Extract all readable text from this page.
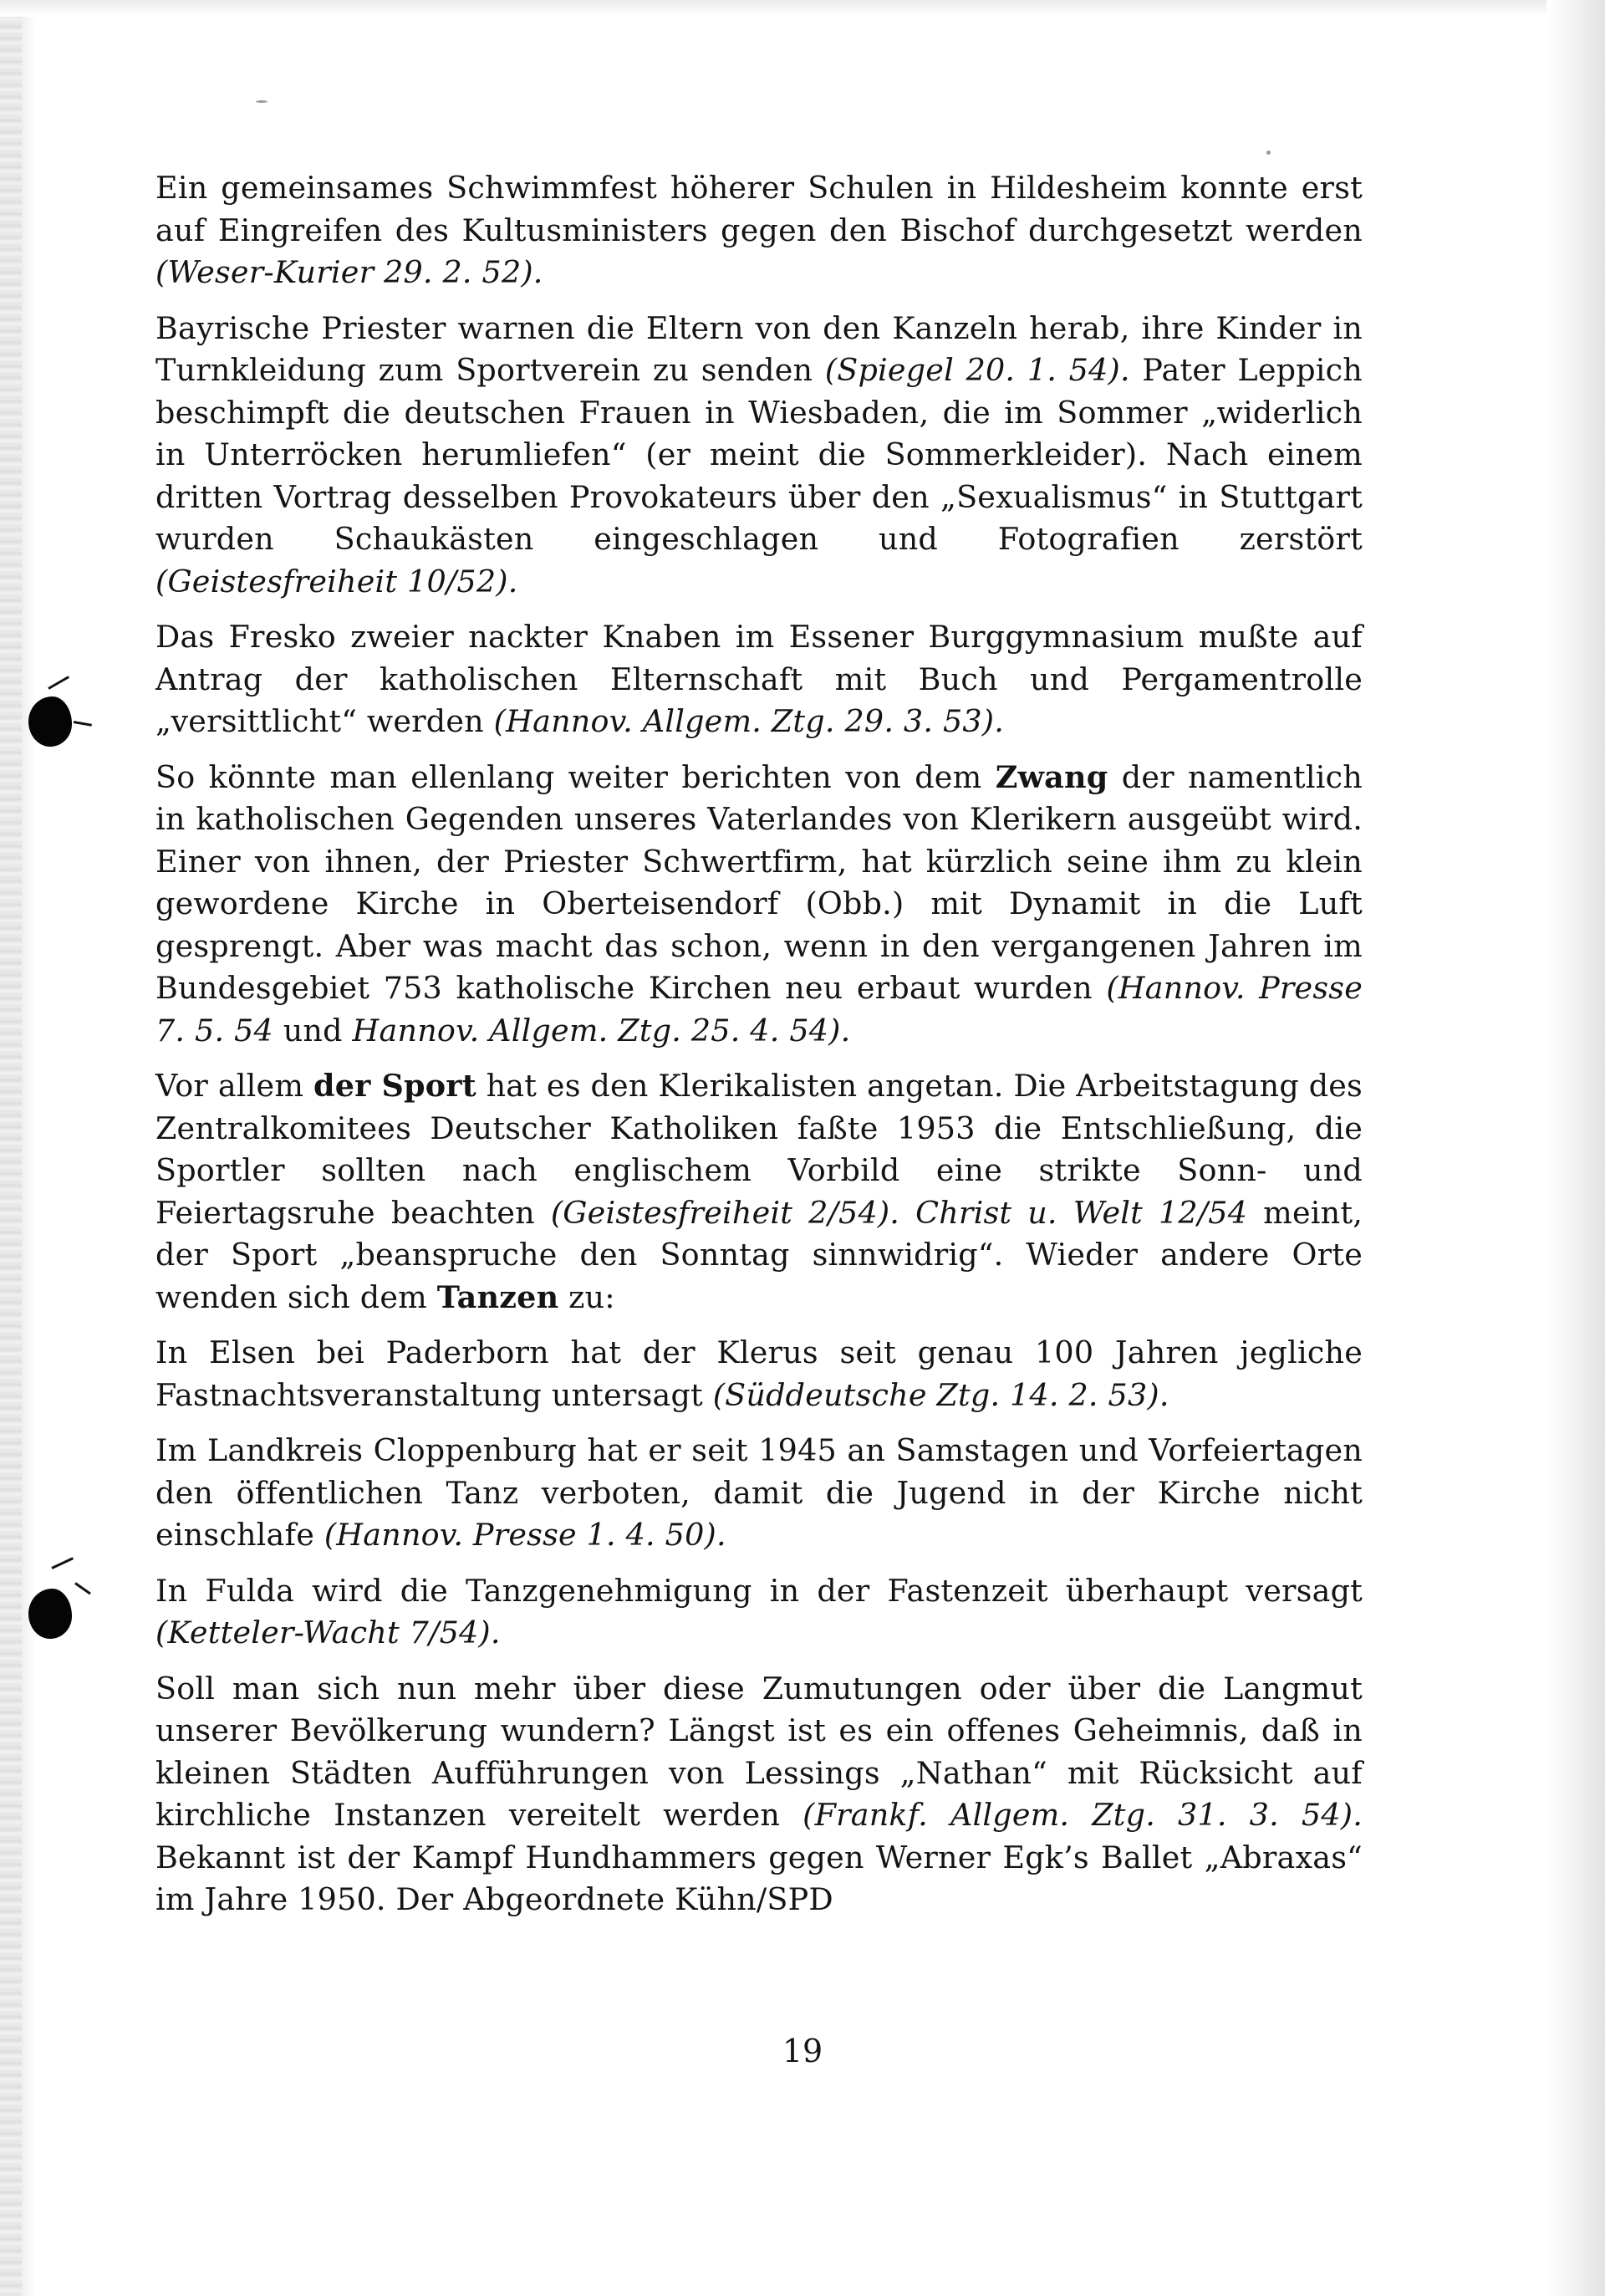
Ein gemeinsames Schwimmfest höherer Schulen in Hildesheim konnte erst auf Eingreifen des Kultusministers gegen den Bischof durchgesetzt werden (Weser-Kurier 29. 2. 52).

Bayrische Priester warnen die Eltern von den Kanzeln herab, ihre Kinder in Turnkleidung zum Sportverein zu senden (Spiegel 20. 1. 54). Pater Leppich beschimpft die deutschen Frauen in Wiesbaden, die im Sommer „widerlich in Unterröcken herumliefen“ (er meint die Sommerkleider). Nach einem dritten Vortrag desselben Provokateurs über den „Sexualismus“ in Stuttgart wurden Schaukästen eingeschlagen und Fotografien zerstört (Geistesfreiheit 10/52).

Das Fresko zweier nackter Knaben im Essener Burggymnasium mußte auf Antrag der katholischen Elternschaft mit Buch und Pergamentrolle „versittlicht“ werden (Hannov. Allgem. Ztg. 29. 3. 53).

So könnte man ellenlang weiter berichten von dem Zwang der namentlich in katholischen Gegenden unseres Vaterlandes von Klerikern ausgeübt wird. Einer von ihnen, der Priester Schwertfirm, hat kürzlich seine ihm zu klein gewordene Kirche in Oberteisendorf (Obb.) mit Dynamit in die Luft gesprengt. Aber was macht das schon, wenn in den vergangenen Jahren im Bundesgebiet 753 katholische Kirchen neu erbaut wurden (Hannov. Presse 7. 5. 54 und Hannov. Allgem. Ztg. 25. 4. 54).

Vor allem der Sport hat es den Klerikalisten angetan. Die Arbeitstagung des Zentralkomitees Deutscher Katholiken faßte 1953 die Entschließung, die Sportler sollten nach englischem Vorbild eine strikte Sonn- und Feiertagsruhe beachten (Geistesfreiheit 2/54). Christ u. Welt 12/54 meint, der Sport „beanspruche den Sonntag sinnwidrig“. Wieder andere Orte wenden sich dem Tanzen zu:

In Elsen bei Paderborn hat der Klerus seit genau 100 Jahren jegliche Fastnachtsveranstaltung untersagt (Süddeutsche Ztg. 14. 2. 53).

Im Landkreis Cloppenburg hat er seit 1945 an Samstagen und Vorfeiertagen den öffentlichen Tanz verboten, damit die Jugend in der Kirche nicht einschlafe (Hannov. Presse 1. 4. 50).

In Fulda wird die Tanzgenehmigung in der Fastenzeit überhaupt versagt (Ketteler-Wacht 7/54).

Soll man sich nun mehr über diese Zumutungen oder über die Langmut unserer Bevölkerung wundern? Längst ist es ein offenes Geheimnis, daß in kleinen Städten Aufführungen von Lessings „Nathan“ mit Rücksicht auf kirchliche Instanzen vereitelt werden (Frankf. Allgem. Ztg. 31. 3. 54). Bekannt ist der Kampf Hundhammers gegen Werner Egk’s Ballet „Abraxas“ im Jahre 1950. Der Abgeordnete Kühn/SPD

19
